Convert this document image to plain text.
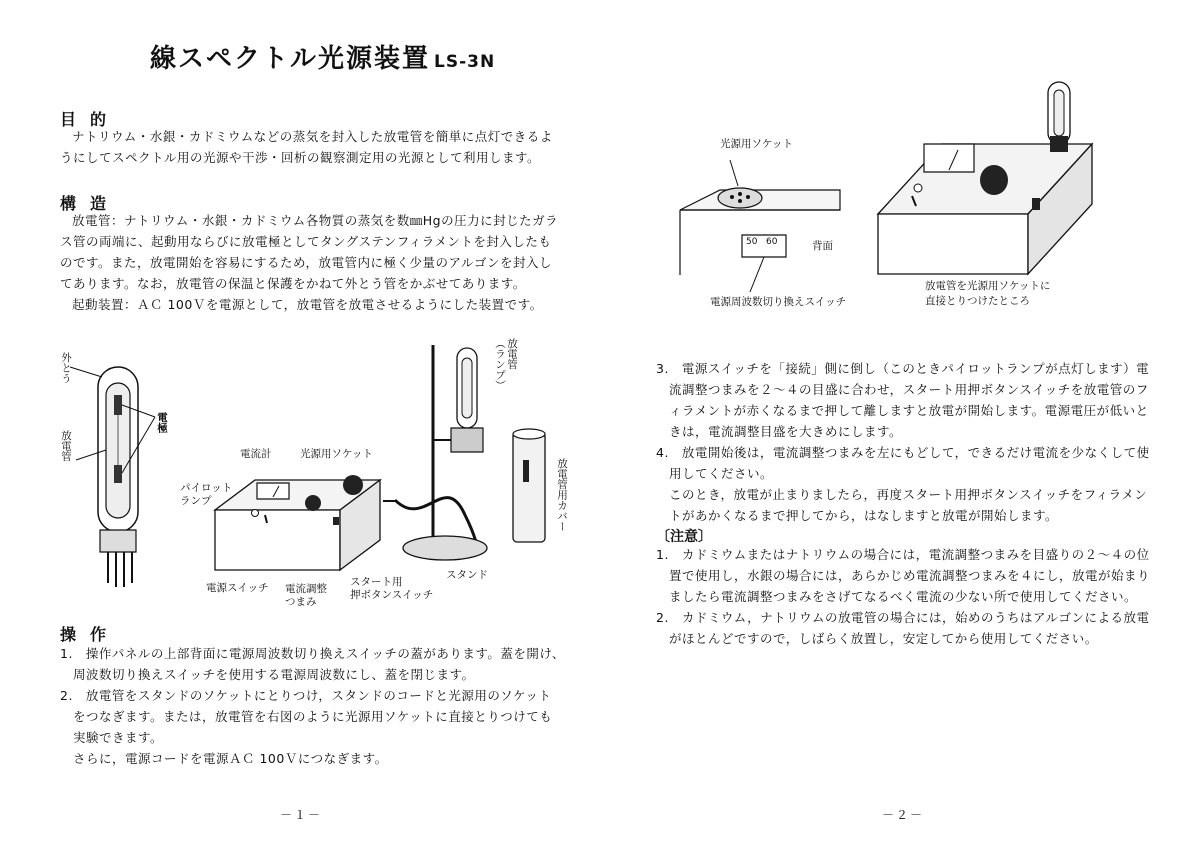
線スペクトル光源装置 LS-3N
目的
ナトリウム・水銀・カドミウムなどの蒸気を封入した放電管を簡単に点灯できるよ
うにしてスペクトル用の光源や干渉・回析の観察測定用の光源として利用します。
構造
放電管：ナトリウム・水銀・カドミウム各物質の蒸気を数㎜Hgの圧力に封じたガラ
ス管の両端に、起動用ならびに放電極としてタングステンフィラメントを封入したも
のです。また，放電開始を容易にするため，放電管内に極く少量のアルゴンを封入し
てあります。なお，放電管の保温と保護をかねて外とう管をかぶせてあります。
起動装置：ＡＣ 100Ｖを電源として，放電管を放電させるようにした装置です。
外とう
電極
放電管	電流計	光源用ソケット
パイロット
ランプ
電源スイッチ 電流調整
つまみ
スタート用
押ボタンスイッチ
スタンド
放電管
（ランプ）
放電管用カバー
操作
1.　操作パネルの上部背面に電源周波数切り換えスイッチの蓋があります。蓋を開け、
　周波数切り換えスイッチを使用する電源周波数にし、蓋を閉じます。
2.　放電管をスタンドのソケットにとりつけ，スタンドのコードと光源用のソケット
　をつなぎます。または，放電管を右図のように光源用ソケットに直接とりつけても
　実験できます。
　さらに，電源コードを電源ＡＣ 100Ｖにつなぎます。
－１－
光源用ソケット
50 60	背面
電源周波数切り換えスイッチ
放電管を光源用ソケットに
直接とりつけたところ
3.　電源スイッチを「接続」側に倒し（このときパイロットランプが点灯します）電
　流調整つまみを２～４の目盛に合わせ，スタート用押ボタンスイッチを放電管のフ
　ィラメントが赤くなるまで押して離しますと放電が開始します。電源電圧が低いと
　きは，電流調整目盛を大きめにします。
4.　放電開始後は，電流調整つまみを左にもどして，できるだけ電流を少なくして使
　用してください。
　このとき，放電が止まりましたら，再度スタート用押ボタンスイッチをフィラメン
　トがあかくなるまで押してから，はなしますと放電が開始します。
〔注意〕
1.　カドミウムまたはナトリウムの場合には，電流調整つまみを目盛りの２～４の位
　置で使用し，水銀の場合には，あらかじめ電流調整つまみを４にし，放電が始まり
　ましたら電流調整つまみをさげてなるべく電流の少ない所で使用してください。
2.　カドミウム，ナトリウムの放電管の場合には，始めのうちはアルゴンによる放電
　がほとんどですので，しばらく放置し，安定してから使用してください。
－２－
